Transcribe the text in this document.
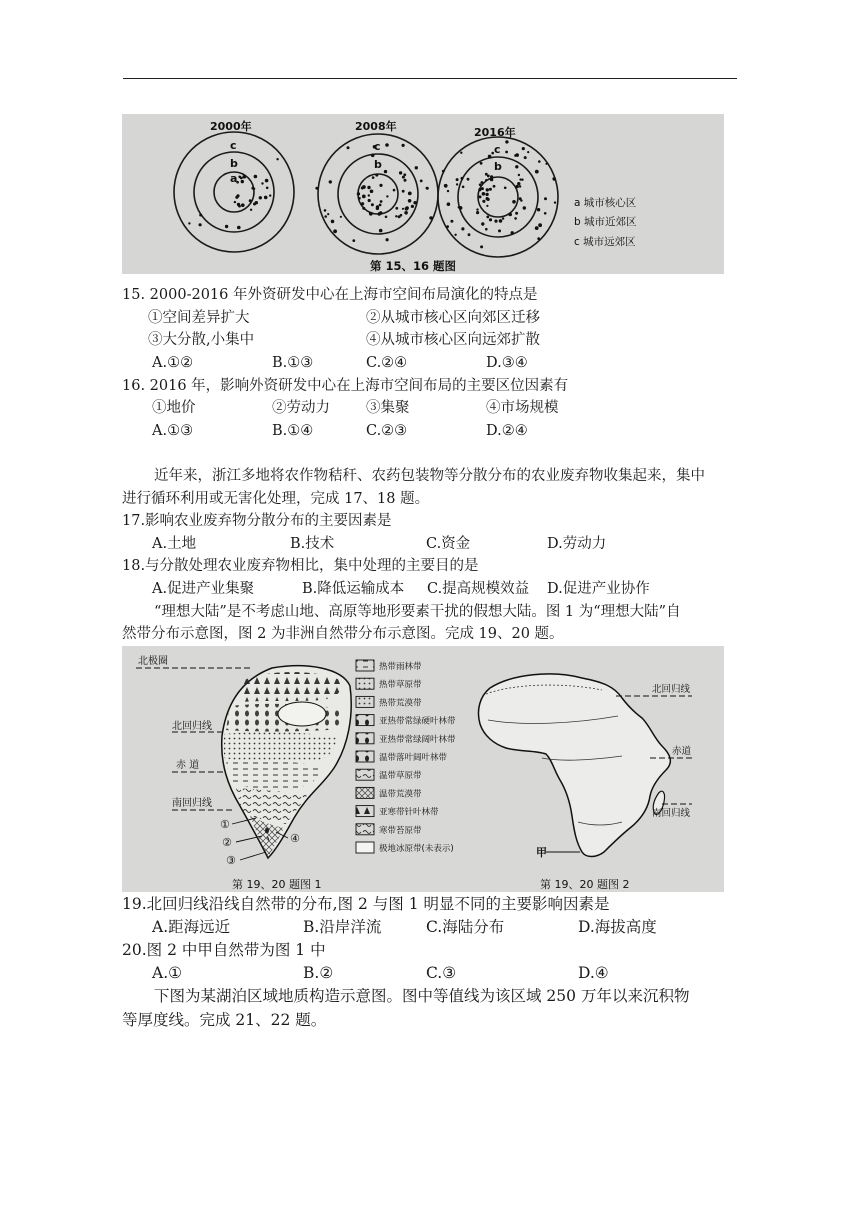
2000年	2008年	2016年
c
b
a
c
b
c
b
a 城市核心区
b 城市近郊区
c 城市远郊区
第 15、16 题图
15. 2000-2016 年外资研发中心在上海市空间布局演化的特点是
①空间差异扩大	②从城市核心区向郊区迁移
③大分散,小集中	④从城市核心区向远郊扩散
A.①②	B.①③	C.②④	D.③④
16. 2016 年，影响外资研发中心在上海市空间布局的主要区位因素有
①地价	②劳动力 ③集聚	④市场规模
A.①③	B.①④	C.②③	D.②④
近年来，浙江多地将农作物秸秆、农药包装物等分散分布的农业废弃物收集起来，集中
进行循环利用或无害化处理，完成 17、18 题。
17.影响农业废弃物分散分布的主要因素是
A.土地	B.技术	C.资金	D.劳动力
18.与分散处理农业废弃物相比，集中处理的主要目的是
A.促进产业集聚	B.降低运输成本 C.提高规模效益 D.促进产业协作
“理想大陆”是不考虑山地、高原等地形要素干扰的假想大陆。图 1 为“理想大陆”自
然带分布示意图，图 2 为非洲自然带分布示意图。完成 19、20 题。
北极圈
北回归线
赤 道
南回归线
①
②
③
④
第 19、20 题图 1
热带雨林带
热带草原带
热带荒漠带
亚热带常绿硬叶林带
亚热带常绿阔叶林带
温带落叶阔叶林带
温带草原带
温带荒漠带
亚寒带针叶林带
寒带苔原带
极地冰原带(未表示)
北回归线
赤道
南回归线
甲
第 19、20 题图 2
19.北回归线沿线自然带的分布,图 2 与图 1 明显不同的主要影响因素是
A.距海远近	B.沿岸洋流	C.海陆分布	D.海拔高度
20.图 2 中甲自然带为图 1 中
A.①	B.②	C.③	D.④
下图为某湖泊区域地质构造示意图。图中等值线为该区域 250 万年以来沉积物
等厚度线。完成 21、22 题。
